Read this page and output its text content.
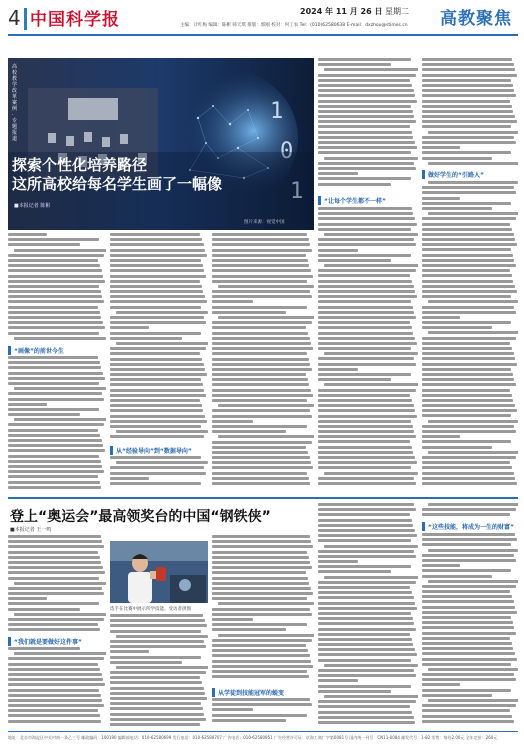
4 中国科学报	2024 年 11 月 26 日 星期二
主编：计红梅 编辑：陈彬 韩天琪 排版：郭刚 校对：何工农 Tel：(010)62580638 E-mail：dxzhou@stimes.cn 高教聚焦
1
0
1
高校教学改革案例 · 专题报道
探索个性化培养路径
这所高校给每名学生画了一幅像
■本报记者 陈彬
图片来源：视觉中国
“画像”的前世今生
从“经验导向”到“数据导向”
“让每个学生都不一样”
做好学生的“引路人”
登上“奥运会”最高领奖台的中国“钢铁侠”
■本报记者 王一鸣
“我们就是要做好这件事”
选手在比赛中展示所学技能。受访者供图
从学徒到技能冠军的蜕变
“这些技能，将成为一生的财富”
地址：北京市海淀区中关村南一条乙三号 邮政编码：100190 编辑部电话：010-62580699 发行电话：010-62580707 广告电话：010-62580951 广告经营许可证：京海工商广字第0081号 国内统一刊号：CN11-0084 邮发代号：1-82 零售：每份2.00元 全年定价：260元
